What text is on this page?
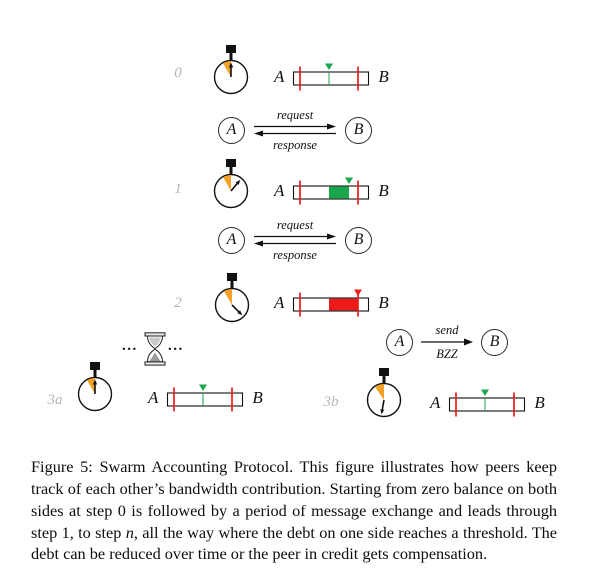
0	A	B
A
request
response
B
1	A	B
A
request
response
B
2	A	B
... ...	A
send
BZZ
B
3a	A	B	3b	A	B

Figure 5: Swarm Accounting Protocol. This figure illustrates how peers keep track of each other’s bandwidth contribution. Starting from zero balance on both sides at step 0 is followed by a period of message exchange and leads through step 1, to step n, all the way where the debt on one side reaches a threshold. The debt can be reduced over time or the peer in credit gets compensation.
